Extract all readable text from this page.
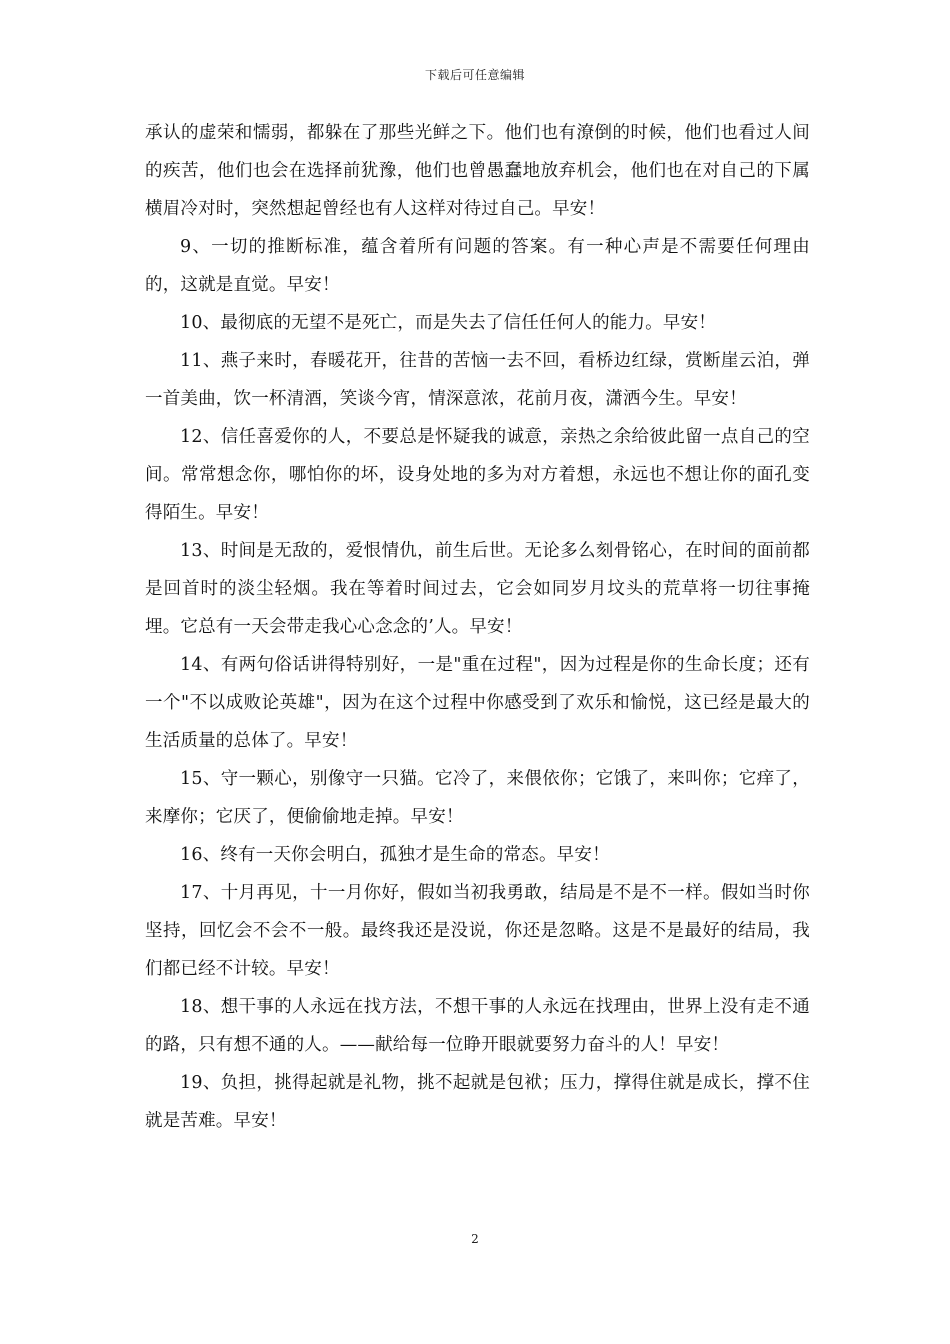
下载后可任意编辑

承认的虚荣和懦弱，都躲在了那些光鲜之下。他们也有潦倒的时候，他们也看过人间的疾苦，他们也会在选择前犹豫，他们也曾愚蠢地放弃机会，他们也在对自己的下属横眉冷对时，突然想起曾经也有人这样对待过自己。早安！

9、一切的推断标准，蕴含着所有问题的答案。有一种心声是不需要任何理由的，这就是直觉。早安！

10、最彻底的无望不是死亡，而是失去了信任任何人的能力。早安！

11、燕子来时，春暖花开，往昔的苦恼一去不回，看桥边红绿，赏断崖云泊，弹一首美曲，饮一杯清酒，笑谈今宵，情深意浓，花前月夜，潇洒今生。早安！

12、信任喜爱你的人，不要总是怀疑我的诚意，亲热之余给彼此留一点自己的空间。常常想念你，哪怕你的坏，设身处地的多为对方着想，永远也不想让你的面孔变得陌生。早安！

13、时间是无敌的，爱恨情仇，前生后世。无论多么刻骨铭心，在时间的面前都是回首时的淡尘轻烟。我在等着时间过去，它会如同岁月坟头的荒草将一切往事掩埋。它总有一天会带走我心心念念的’人。早安！

14、有两句俗话讲得特别好，一是"重在过程"，因为过程是你的生命长度；还有一个"不以成败论英雄"，因为在这个过程中你感受到了欢乐和愉悦，这已经是最大的生活质量的总体了。早安！

15、守一颗心，别像守一只猫。它冷了，来偎依你；它饿了，来叫你；它痒了，来摩你；它厌了，便偷偷地走掉。早安！

16、终有一天你会明白，孤独才是生命的常态。早安！

17、十月再见，十一月你好，假如当初我勇敢，结局是不是不一样。假如当时你坚持，回忆会不会不一般。最终我还是没说，你还是忽略。这是不是最好的结局，我们都已经不计较。早安！

18、想干事的人永远在找方法，不想干事的人永远在找理由，世界上没有走不通的路，只有想不通的人。——献给每一位睁开眼就要努力奋斗的人！早安！

19、负担，挑得起就是礼物，挑不起就是包袱；压力，撑得住就是成长，撑不住就是苦难。早安！

2
